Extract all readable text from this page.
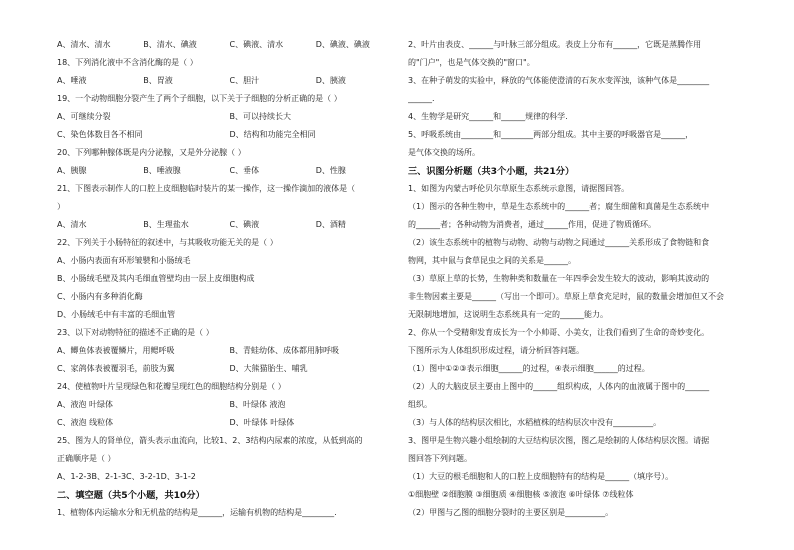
A、清水、清水	B、清水、碘液	C、碘液、清水	D、碘液、碘液
18、下列消化液中不含消化酶的是（ ）
A、唾液	B、胃液	C、胆汁	D、胰液
19、一个动物细胞分裂产生了两个子细胞，以下关于子细胞的分析正确的是（ ）
A、可继续分裂	B、可以持续长大
C、染色体数目各不相同	D、结构和功能完全相同
20、下列哪种腺体既是内分泌腺，又是外分泌腺（ ）
A、胰腺	B、唾液腺	C、垂体	D、性腺
21、下图表示制作人的口腔上皮细胞临时装片的某一操作，这一操作滴加的液体是（
）
A、清水	B、生理盐水	C、碘液	D、酒精
22、下列关于小肠特征的叙述中，与其吸收功能无关的是（ ）
A、小肠内表面有环形皱襞和小肠绒毛
B、小肠绒毛壁及其内毛细血管壁均由一层上皮细胞构成
C、小肠内有多种消化酶
D、小肠绒毛中有丰富的毛细血管
23、以下对动物特征的描述不正确的是（ ）
A、鲫鱼体表被覆鳞片，用鳃呼吸	B、青蛙幼体、成体都用肺呼吸
C、家鸽体表被覆羽毛，前肢为翼	D、大熊猫胎生、哺乳
24、使植物叶片呈现绿色和花瓣呈现红色的细胞结构分别是（ ）
A、液泡 叶绿体	B、叶绿体 液泡
C、液泡 线粒体	D、叶绿体 叶绿体
25、图为人的肾单位，箭头表示血流向，比较1、2、3结构内尿素的浓度，从低到高的
正确顺序是（ ）
A、1-2-3B、2-1-3C、3-2-1D、3-1-2
二、填空题（共5个小题，共10分）
1、植物体内运输水分和无机盐的结构是______，运输有机物的结构是________.
2、叶片由表皮、______与叶脉三部分组成。表皮上分布有______，它既是蒸腾作用
的"门户"，也是气体交换的"窗口"。
3、在种子萌发的实验中，释放的气体能使澄清的石灰水变浑浊，该种气体是________
______.
4、生物学是研究______和______规律的科学.
5、呼吸系统由________和________两部分组成。其中主要的呼吸器官是______，
是气体交换的场所。
三、识图分析题（共3个小题，共21分）
1、如图为内蒙古呼伦贝尔草原生态系统示意图，请据图回答。
（1）图示的各种生物中，草是生态系统中的______者；腐生细菌和真菌是生态系统中
的______者；各种动物为消费者，通过______作用，促进了物质循环。
（2）该生态系统中的植物与动物、动物与动物之间通过______关系形成了食物链和食
物网，其中鼠与食草昆虫之间的关系是______。
（3）草原上草的长势，生物种类和数量在一年四季会发生较大的波动，影响其波动的
非生物因素主要是______（写出一个即可）。草原上草食充足时，鼠的数量会增加但又不会
无限制地增加，这说明生态系统具有一定的______能力。
2、你从一个受精卵发育成长为一个小帅哥、小美女，让我们看到了生命的奇妙变化。
下图所示为人体组织形成过程，请分析回答问题。
（1）图中①②③表示细胞______的过程，④表示细胞______的过程。
（2）人的大脑皮层主要由上图中的______组织构成，人体内的血液属于图中的______
组织。
（3）与人体的结构层次相比，水稻植株的结构层次中没有__________。
3、图甲是生物兴趣小组绘制的大豆结构层次图，图乙是绘制的人体结构层次图。请据
图回答下列问题。
（1）大豆的根毛细胞和人的口腔上皮细胞特有的结构是______（填序号）。
①细胞壁 ②细胞膜 ③细胞质 ④细胞核 ⑤液泡 ⑥叶绿体 ⑦线粒体
（2）甲图与乙图的细胞分裂时的主要区别是__________。
